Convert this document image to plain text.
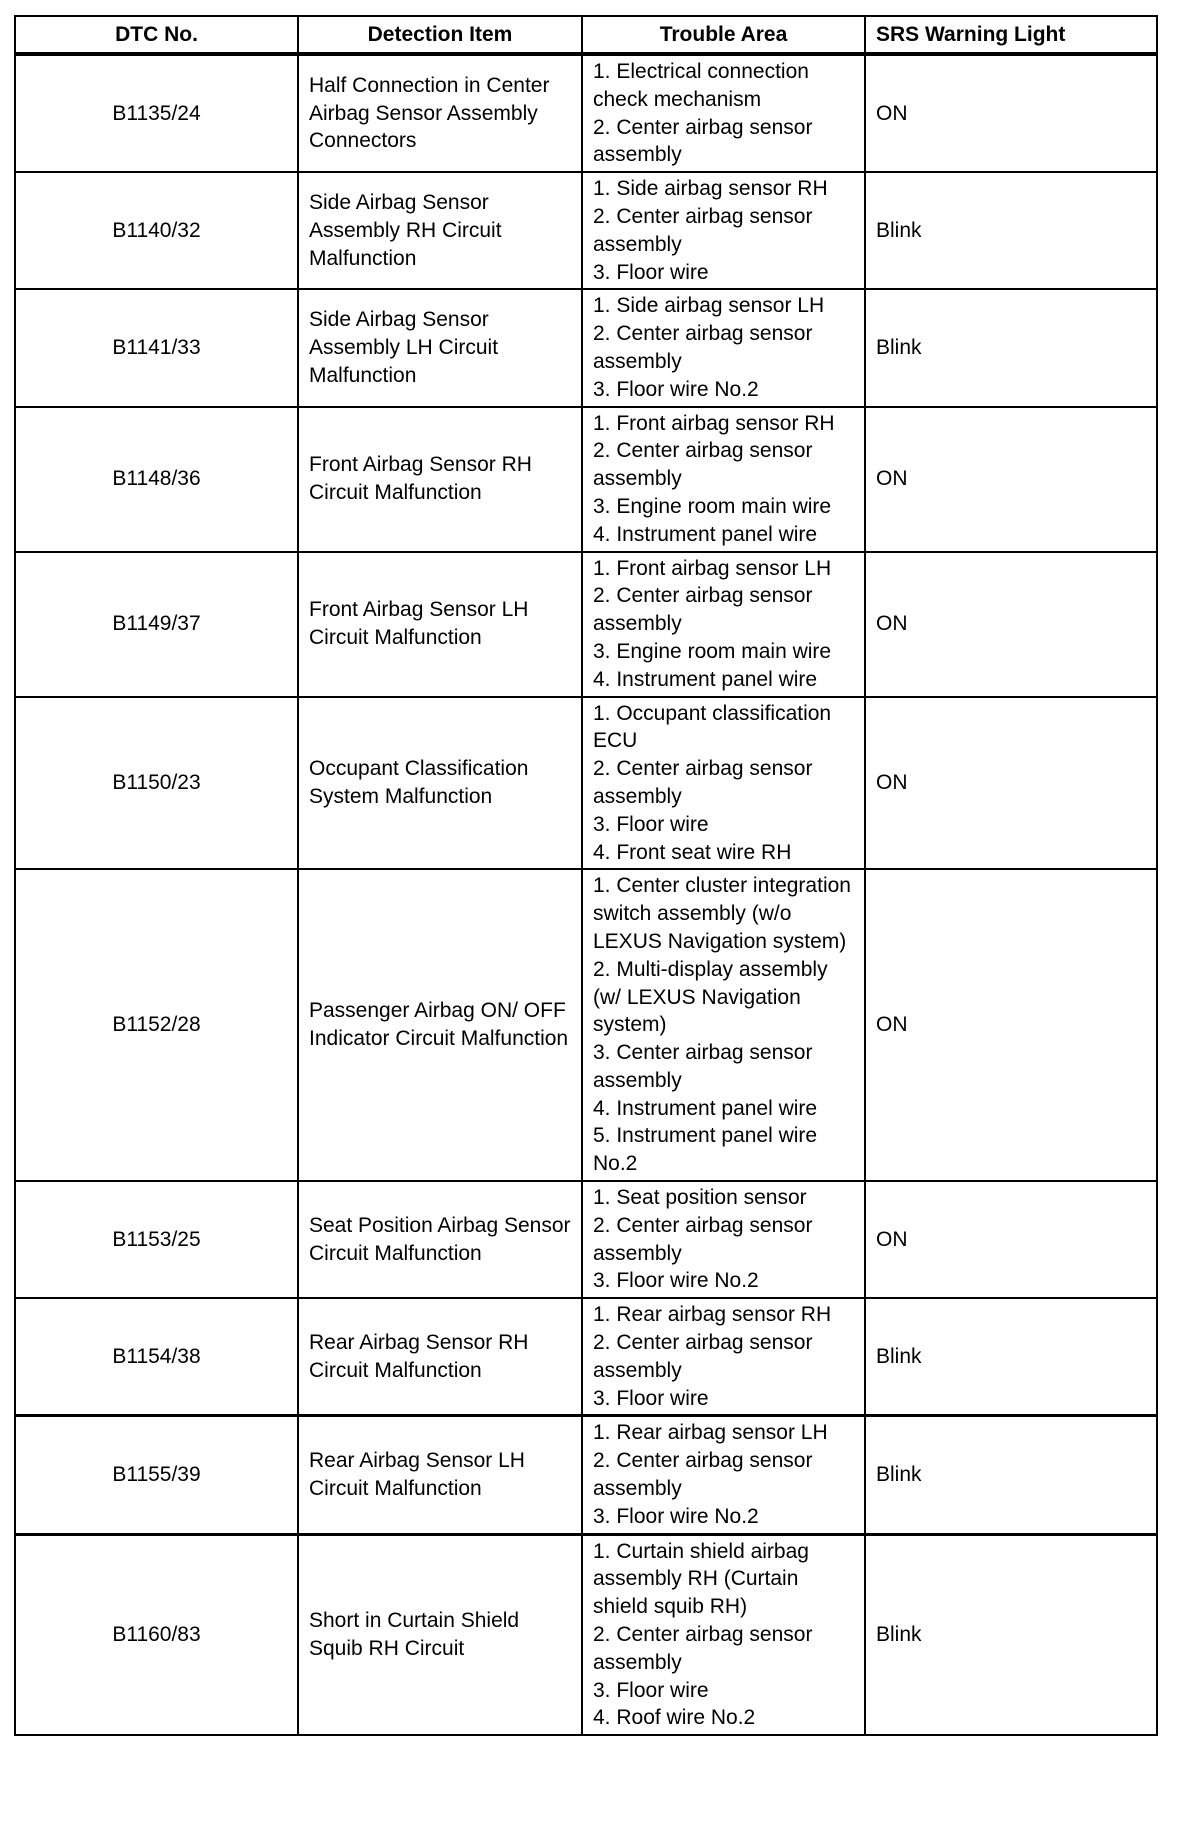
DTC No.	Detection Item	Trouble Area	SRS Warning Light
B1135/24	Half Connection in Center Airbag Sensor Assembly Connectors	1. Electrical connection check mechanism
2. Center airbag sensor assembly	ON
B1140/32	Side Airbag Sensor Assembly RH Circuit Malfunction	1. Side airbag sensor RH
2. Center airbag sensor assembly
3. Floor wire	Blink
B1141/33	Side Airbag Sensor Assembly LH Circuit Malfunction	1. Side airbag sensor LH
2. Center airbag sensor assembly
3. Floor wire No.2	Blink
B1148/36	Front Airbag Sensor RH Circuit Malfunction	1. Front airbag sensor RH
2. Center airbag sensor assembly
3. Engine room main wire
4. Instrument panel wire	ON
B1149/37	Front Airbag Sensor LH Circuit Malfunction	1. Front airbag sensor LH
2. Center airbag sensor assembly
3. Engine room main wire
4. Instrument panel wire	ON
B1150/23	Occupant Classification System Malfunction	1. Occupant classification ECU
2. Center airbag sensor assembly
3. Floor wire
4. Front seat wire RH	ON
B1152/28	Passenger Airbag ON/ OFF Indicator Circuit Malfunction	1. Center cluster integration switch assembly (w/o LEXUS Navigation system)
2. Multi-display assembly (w/ LEXUS Navigation system)
3. Center airbag sensor assembly
4. Instrument panel wire
5. Instrument panel wire No.2	ON
B1153/25	Seat Position Airbag Sensor Circuit Malfunction	1. Seat position sensor
2. Center airbag sensor assembly
3. Floor wire No.2	ON
B1154/38	Rear Airbag Sensor RH Circuit Malfunction	1. Rear airbag sensor RH
2. Center airbag sensor assembly
3. Floor wire	Blink
B1155/39	Rear Airbag Sensor LH Circuit Malfunction	1. Rear airbag sensor LH
2. Center airbag sensor assembly
3. Floor wire No.2	Blink
B1160/83	Short in Curtain Shield Squib RH Circuit	1. Curtain shield airbag assembly RH (Curtain shield squib RH)
2. Center airbag sensor assembly
3. Floor wire
4. Roof wire No.2	Blink
